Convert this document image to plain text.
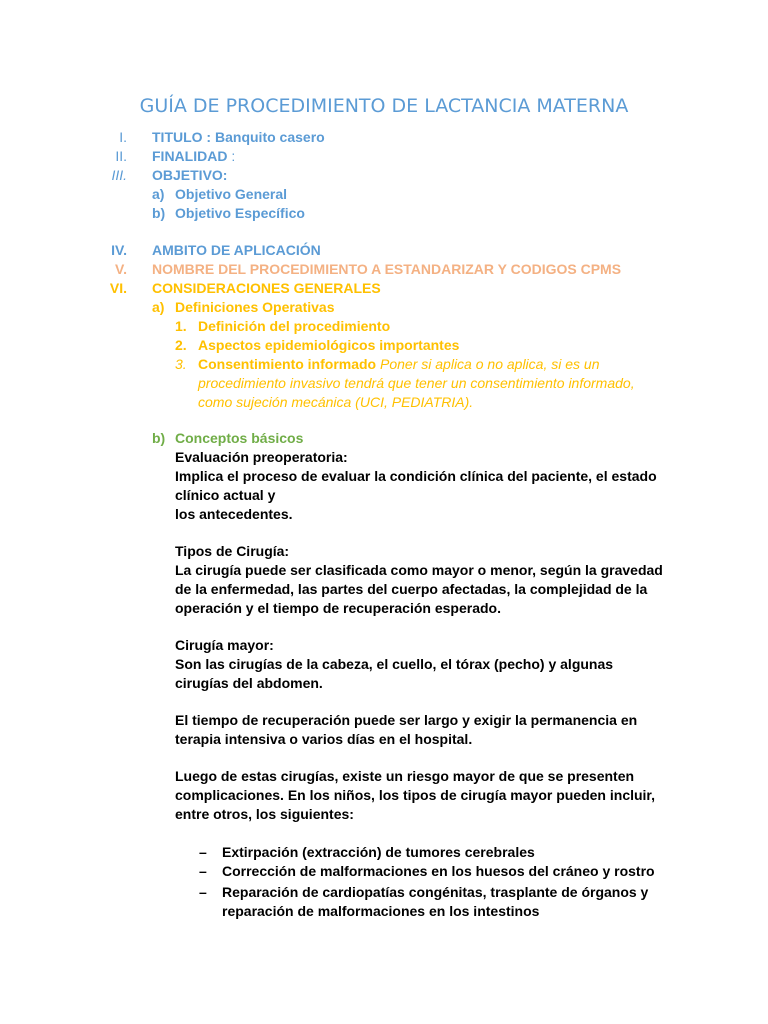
GUÍA DE PROCEDIMIENTO DE LACTANCIA MATERNA
I. TITULO : Banquito casero
II. FINALIDAD :
III. OBJETIVO:
a) Objetivo General
b) Objetivo Específico
IV. AMBITO DE APLICACIÓN
V. NOMBRE DEL PROCEDIMIENTO A ESTANDARIZAR Y CODIGOS CPMS
VI. CONSIDERACIONES GENERALES
a) Definiciones Operativas
1. Definición del procedimiento
2. Aspectos epidemiológicos importantes
3. Consentimiento informado Poner si aplica o no aplica, si es un
procedimiento invasivo tendrá que tener un consentimiento informado,
como sujeción mecánica (UCI, PEDIATRIA).
b) Conceptos básicos
Evaluación preoperatoria:
Implica el proceso de evaluar la condición clínica del paciente, el estado
clínico actual y
los antecedentes.
Tipos de Cirugía:
La cirugía puede ser clasificada como mayor o menor, según la gravedad
de la enfermedad, las partes del cuerpo afectadas, la complejidad de la
operación y el tiempo de recuperación esperado.
Cirugía mayor:
Son las cirugías de la cabeza, el cuello, el tórax (pecho) y algunas
cirugías del abdomen.
El tiempo de recuperación puede ser largo y exigir la permanencia en
terapia intensiva o varios días en el hospital.
Luego de estas cirugías, existe un riesgo mayor de que se presenten
complicaciones. En los niños, los tipos de cirugía mayor pueden incluir,
entre otros, los siguientes:
– Extirpación (extracción) de tumores cerebrales
– Corrección de malformaciones en los huesos del cráneo y rostro
– Reparación de cardiopatías congénitas, trasplante de órganos y
reparación de malformaciones en los intestinos
